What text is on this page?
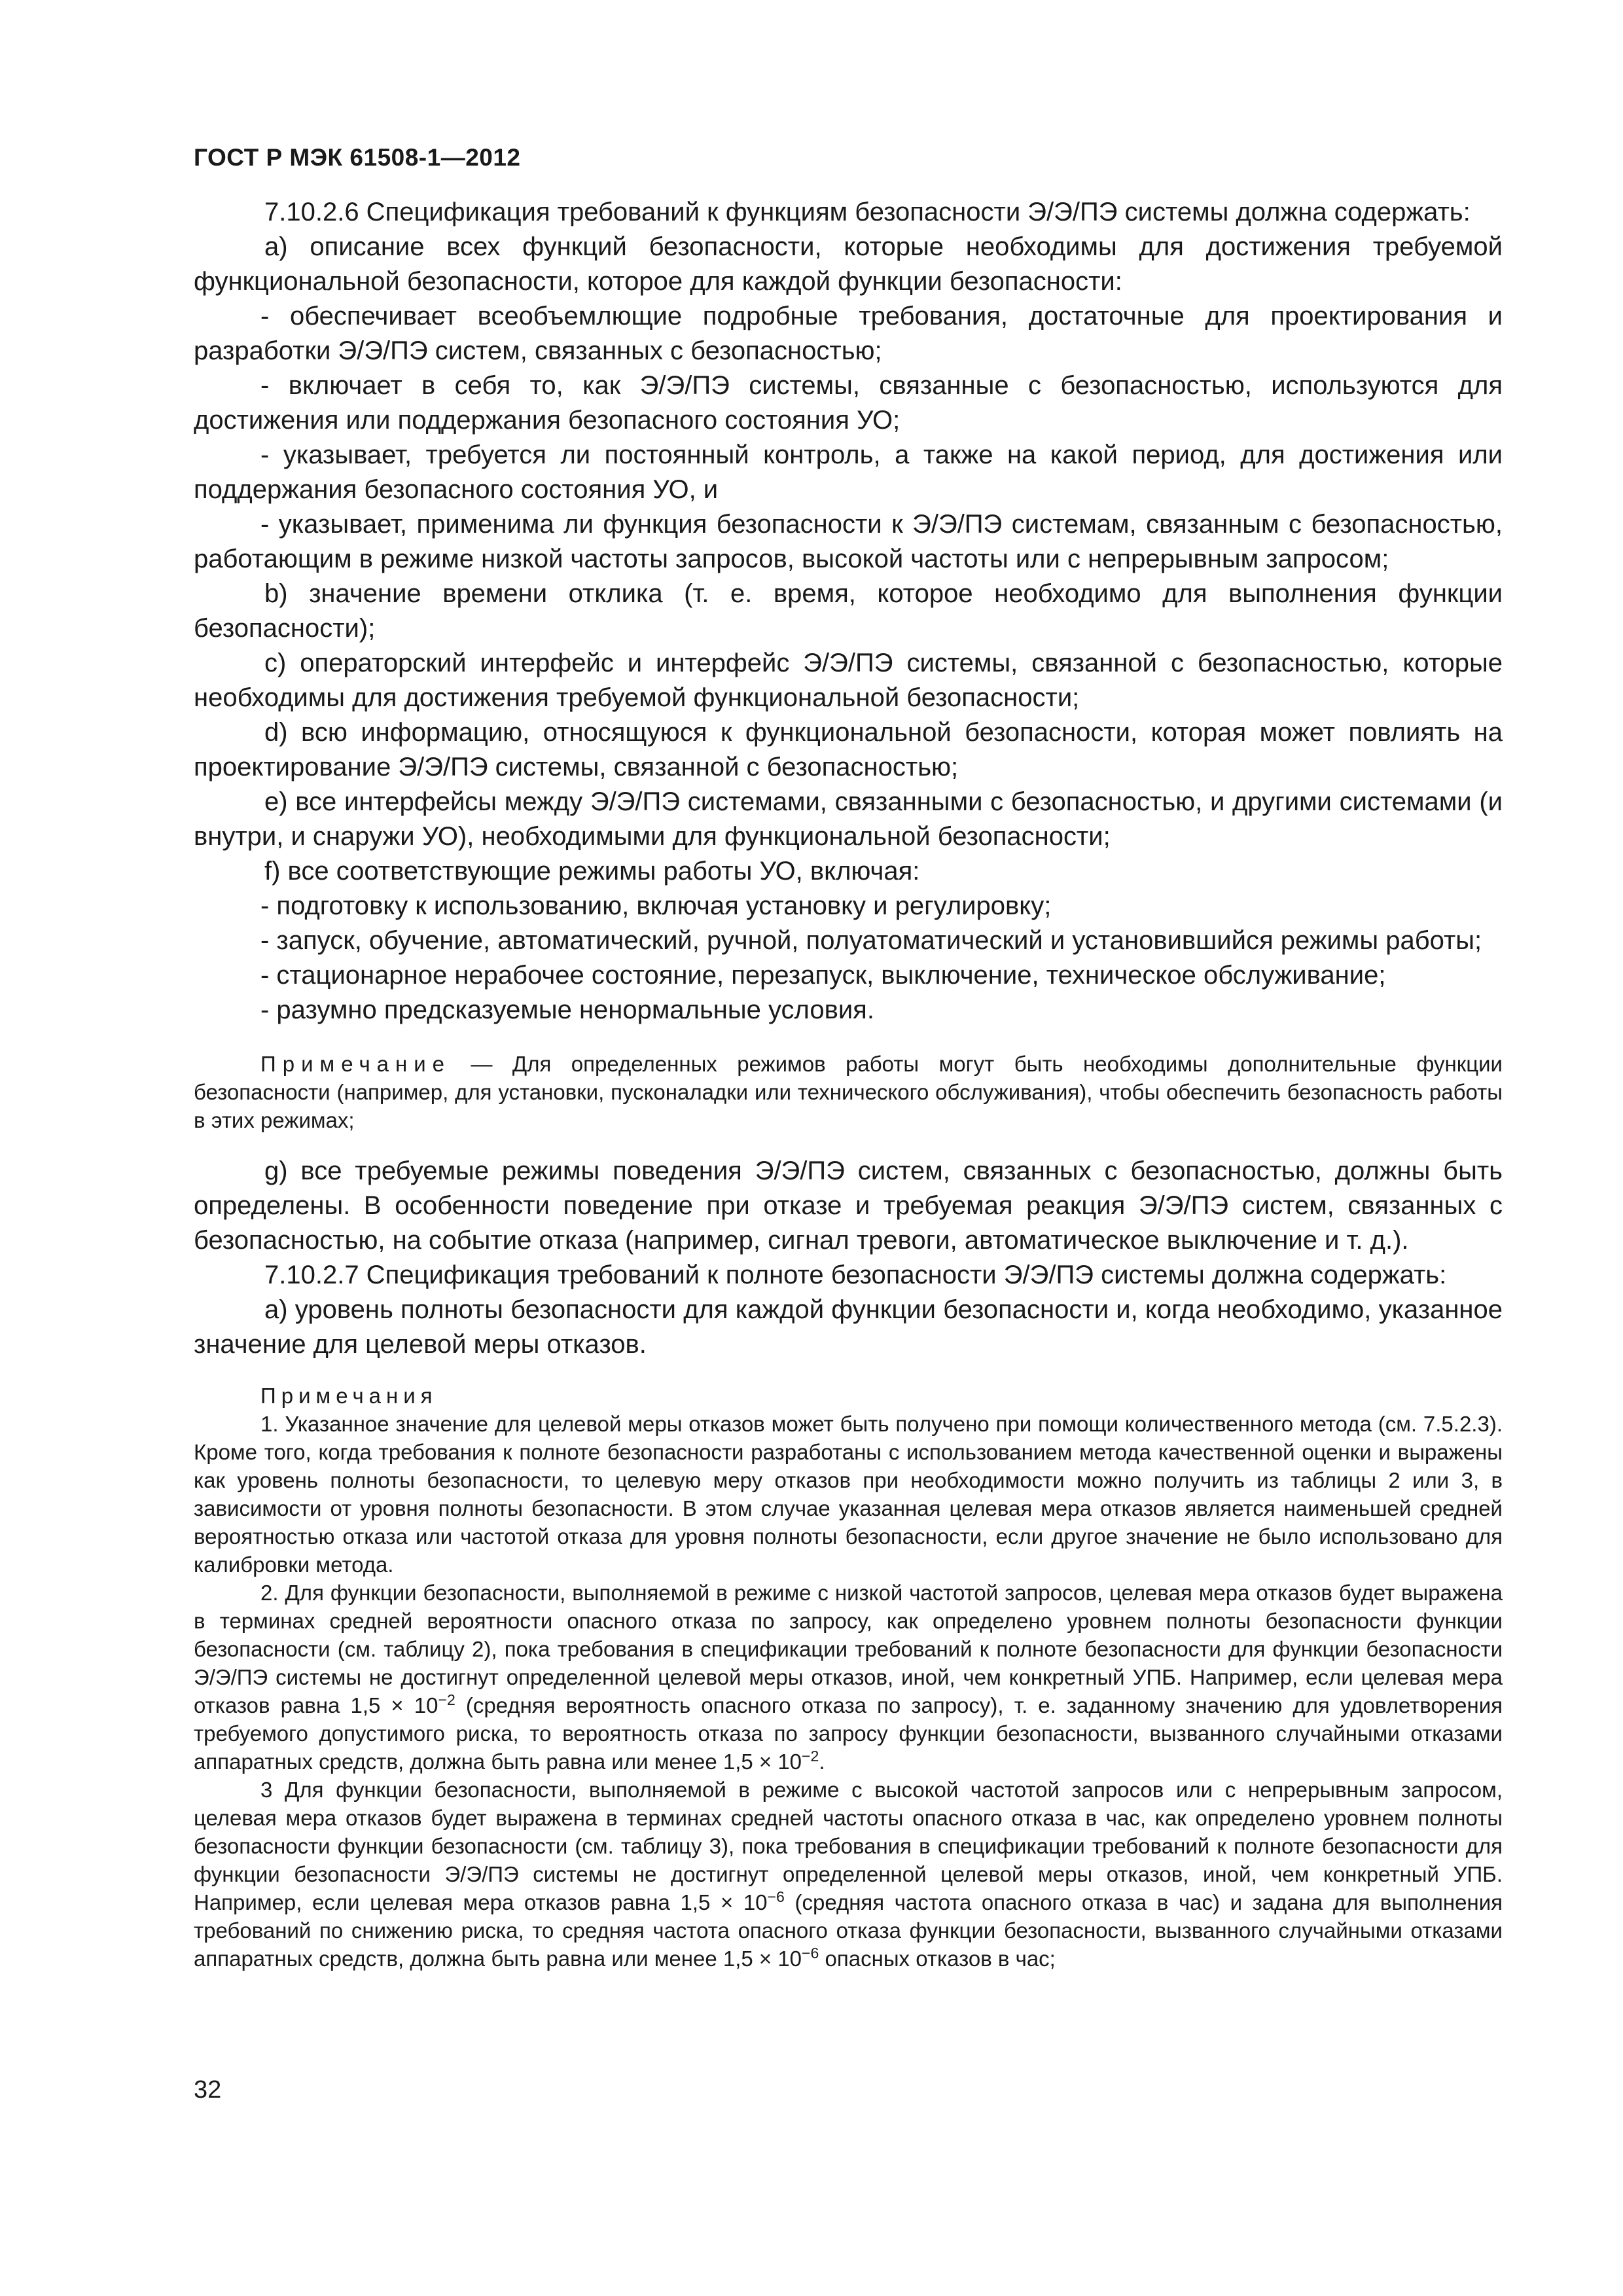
ГОСТ Р МЭК 61508-1—2012

7.10.2.6 Спецификация требований к функциям безопасности Э/Э/ПЭ системы должна содержать:

а) описание всех функций безопасности, которые необходимы для достижения требуемой функциональной безопасности, которое для каждой функции безопасности:

- обеспечивает всеобъемлющие подробные требования, достаточные для проектирования и разработки Э/Э/ПЭ систем, связанных с безопасностью;

- включает в себя то, как Э/Э/ПЭ системы, связанные с безопасностью, используются для достижения или поддержания безопасного состояния УО;

- указывает, требуется ли постоянный контроль, а также на какой период, для достижения или поддержания безопасного состояния УО, и

- указывает, применима ли функция безопасности к Э/Э/ПЭ системам, связанным с безопасностью, работающим в режиме низкой частоты запросов, высокой частоты или с непрерывным запросом;

b) значение времени отклика (т. е. время, которое необходимо для выполнения функции безопасности);

с) операторский интерфейс и интерфейс Э/Э/ПЭ системы, связанной с безопасностью, которые необходимы для достижения требуемой функциональной безопасности;

d) всю информацию, относящуюся к функциональной безопасности, которая может повлиять на проектирование Э/Э/ПЭ системы, связанной с безопасностью;

е) все интерфейсы между Э/Э/ПЭ системами, связанными с безопасностью, и другими системами (и внутри, и снаружи УО), необходимыми для функциональной безопасности;

f) все соответствующие режимы работы УО, включая:

- подготовку к использованию, включая установку и регулировку;

- запуск, обучение, автоматический, ручной, полуатоматический и установившийся режимы работы;

- стационарное нерабочее состояние, перезапуск, выключение, техническое обслуживание;

- разумно предсказуемые ненормальные условия.

Примечание — Для определенных режимов работы могут быть необходимы дополнительные функции безопасности (например, для установки, пусконаладки или технического обслуживания), чтобы обеспечить безопасность работы в этих режимах;

g) все требуемые режимы поведения Э/Э/ПЭ систем, связанных с безопасностью, должны быть определены. В особенности поведение при отказе и требуемая реакция Э/Э/ПЭ систем, связанных с безопасностью, на событие отказа (например, сигнал тревоги, автоматическое выключение и т. д.).

7.10.2.7 Спецификация требований к полноте безопасности Э/Э/ПЭ системы должна содержать:

а) уровень полноты безопасности для каждой функции безопасности и, когда необходимо, указанное значение для целевой меры отказов.

Примечания

1. Указанное значение для целевой меры отказов может быть получено при помощи количественного метода (см. 7.5.2.3). Кроме того, когда требования к полноте безопасности разработаны с использованием метода качественной оценки и выражены как уровень полноты безопасности, то целевую меру отказов при необходимости можно получить из таблицы 2 или 3, в зависимости от уровня полноты безопасности. В этом случае указанная целевая мера отказов является наименьшей средней вероятностью отказа или частотой отказа для уровня полноты безопасности, если другое значение не было использовано для калибровки метода.

2. Для функции безопасности, выполняемой в режиме с низкой частотой запросов, целевая мера отказов будет выражена в терминах средней вероятности опасного отказа по запросу, как определено уровнем полноты безопасности функции безопасности (см. таблицу 2), пока требования в спецификации требований к полноте безопасности для функции безопасности Э/Э/ПЭ системы не достигнут определенной целевой меры отказов, иной, чем конкретный УПБ. Например, если целевая мера отказов равна $1,5 \times 10^{-2}$ (средняя вероятность опасного отказа по запросу), т. е. заданному значению для удовлетворения требуемого допустимого риска, то вероятность отказа по запросу функции безопасности, вызванного случайными отказами аппаратных средств, должна быть равна или менее $1,5 \times 10^{-2}$.

3 Для функции безопасности, выполняемой в режиме с высокой частотой запросов или с непрерывным запросом, целевая мера отказов будет выражена в терминах средней частоты опасного отказа в час, как определено уровнем полноты безопасности функции безопасности (см. таблицу 3), пока требования в спецификации требований к полноте безопасности для функции безопасности Э/Э/ПЭ системы не достигнут определенной целевой меры отказов, иной, чем конкретный УПБ. Например, если целевая мера отказов равна $1,5 \times 10^{-6}$ (средняя частота опасного отказа в час) и задана для выполнения требований по снижению риска, то средняя частота опасного отказа функции безопасности, вызванного случайными отказами аппаратных средств, должна быть равна или менее $1,5 \times 10^{-6}$ опасных отказов в час;

32
